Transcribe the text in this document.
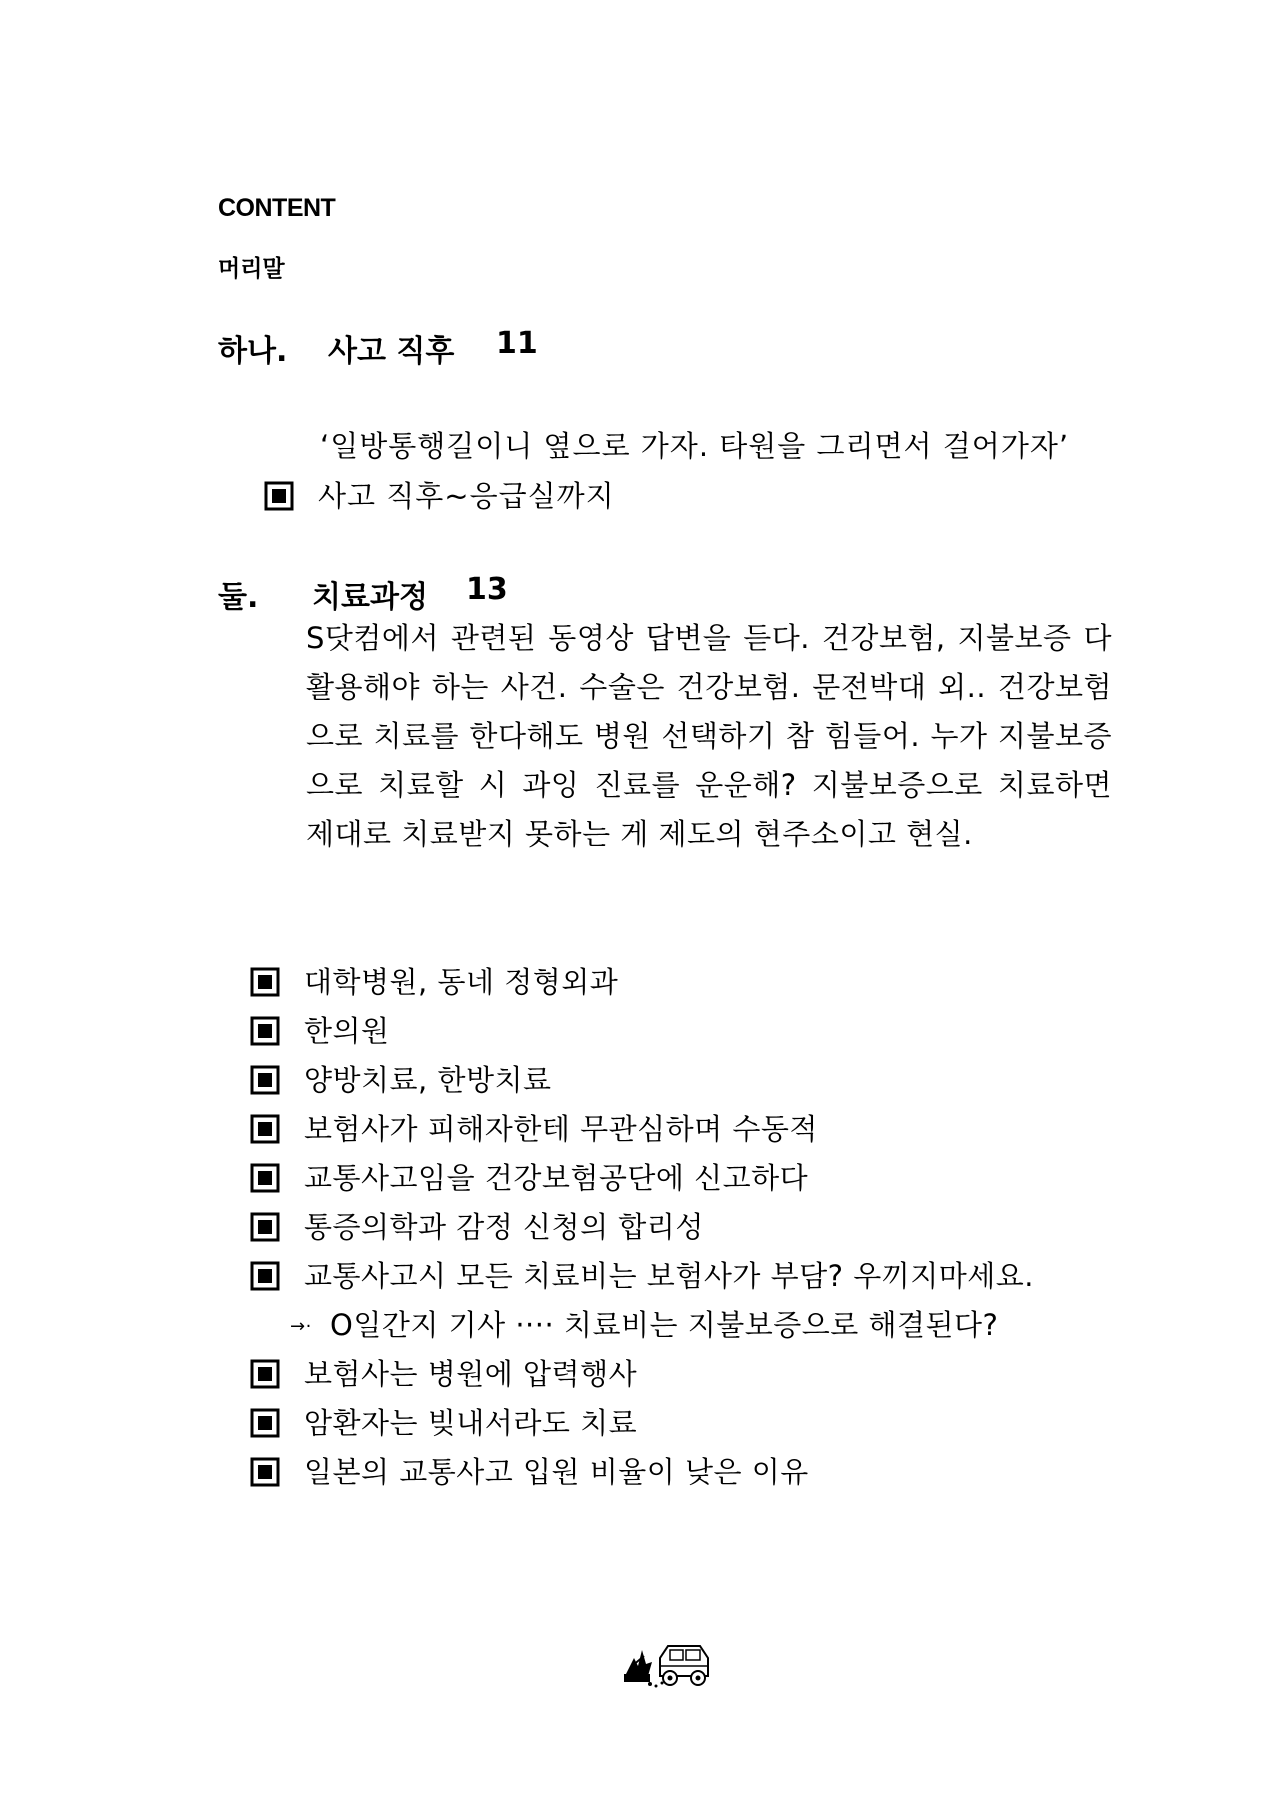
CONTENT
머리말
하나. 사고 직후 11
‘일방통행길이니 옆으로 가자. 타원을 그리면서 걸어가자’
사고 직후~응급실까지
둘. 치료과정 13
S닷컴에서 관련된 동영상 답변을 듣다. 건강보험, 지불보증 다 활용해야 하는 사건. 수술은 건강보험. 문전박대 외.. 건강보험으로 치료를 한다해도 병원 선택하기 참 힘들어. 누가 지불보증으로 치료할 시 과잉 진료를 운운해? 지불보증으로 치료하면 제대로 치료받지 못하는 게 제도의 현주소이고 현실.
대학병원, 동네 정형외과
한의원
양방치료, 한방치료
보험사가 피해자한테 무관심하며 수동적
교통사고임을 건강보험공단에 신고하다
통증의학과 감정 신청의 합리성
교통사고시 모든 치료비는 보험사가 부담? 우끼지마세요.
→· O일간지 기사 ···· 치료비는 지불보증으로 해결된다?
보험사는 병원에 압력행사
암환자는 빚내서라도 치료
일본의 교통사고 입원 비율이 낮은 이유
